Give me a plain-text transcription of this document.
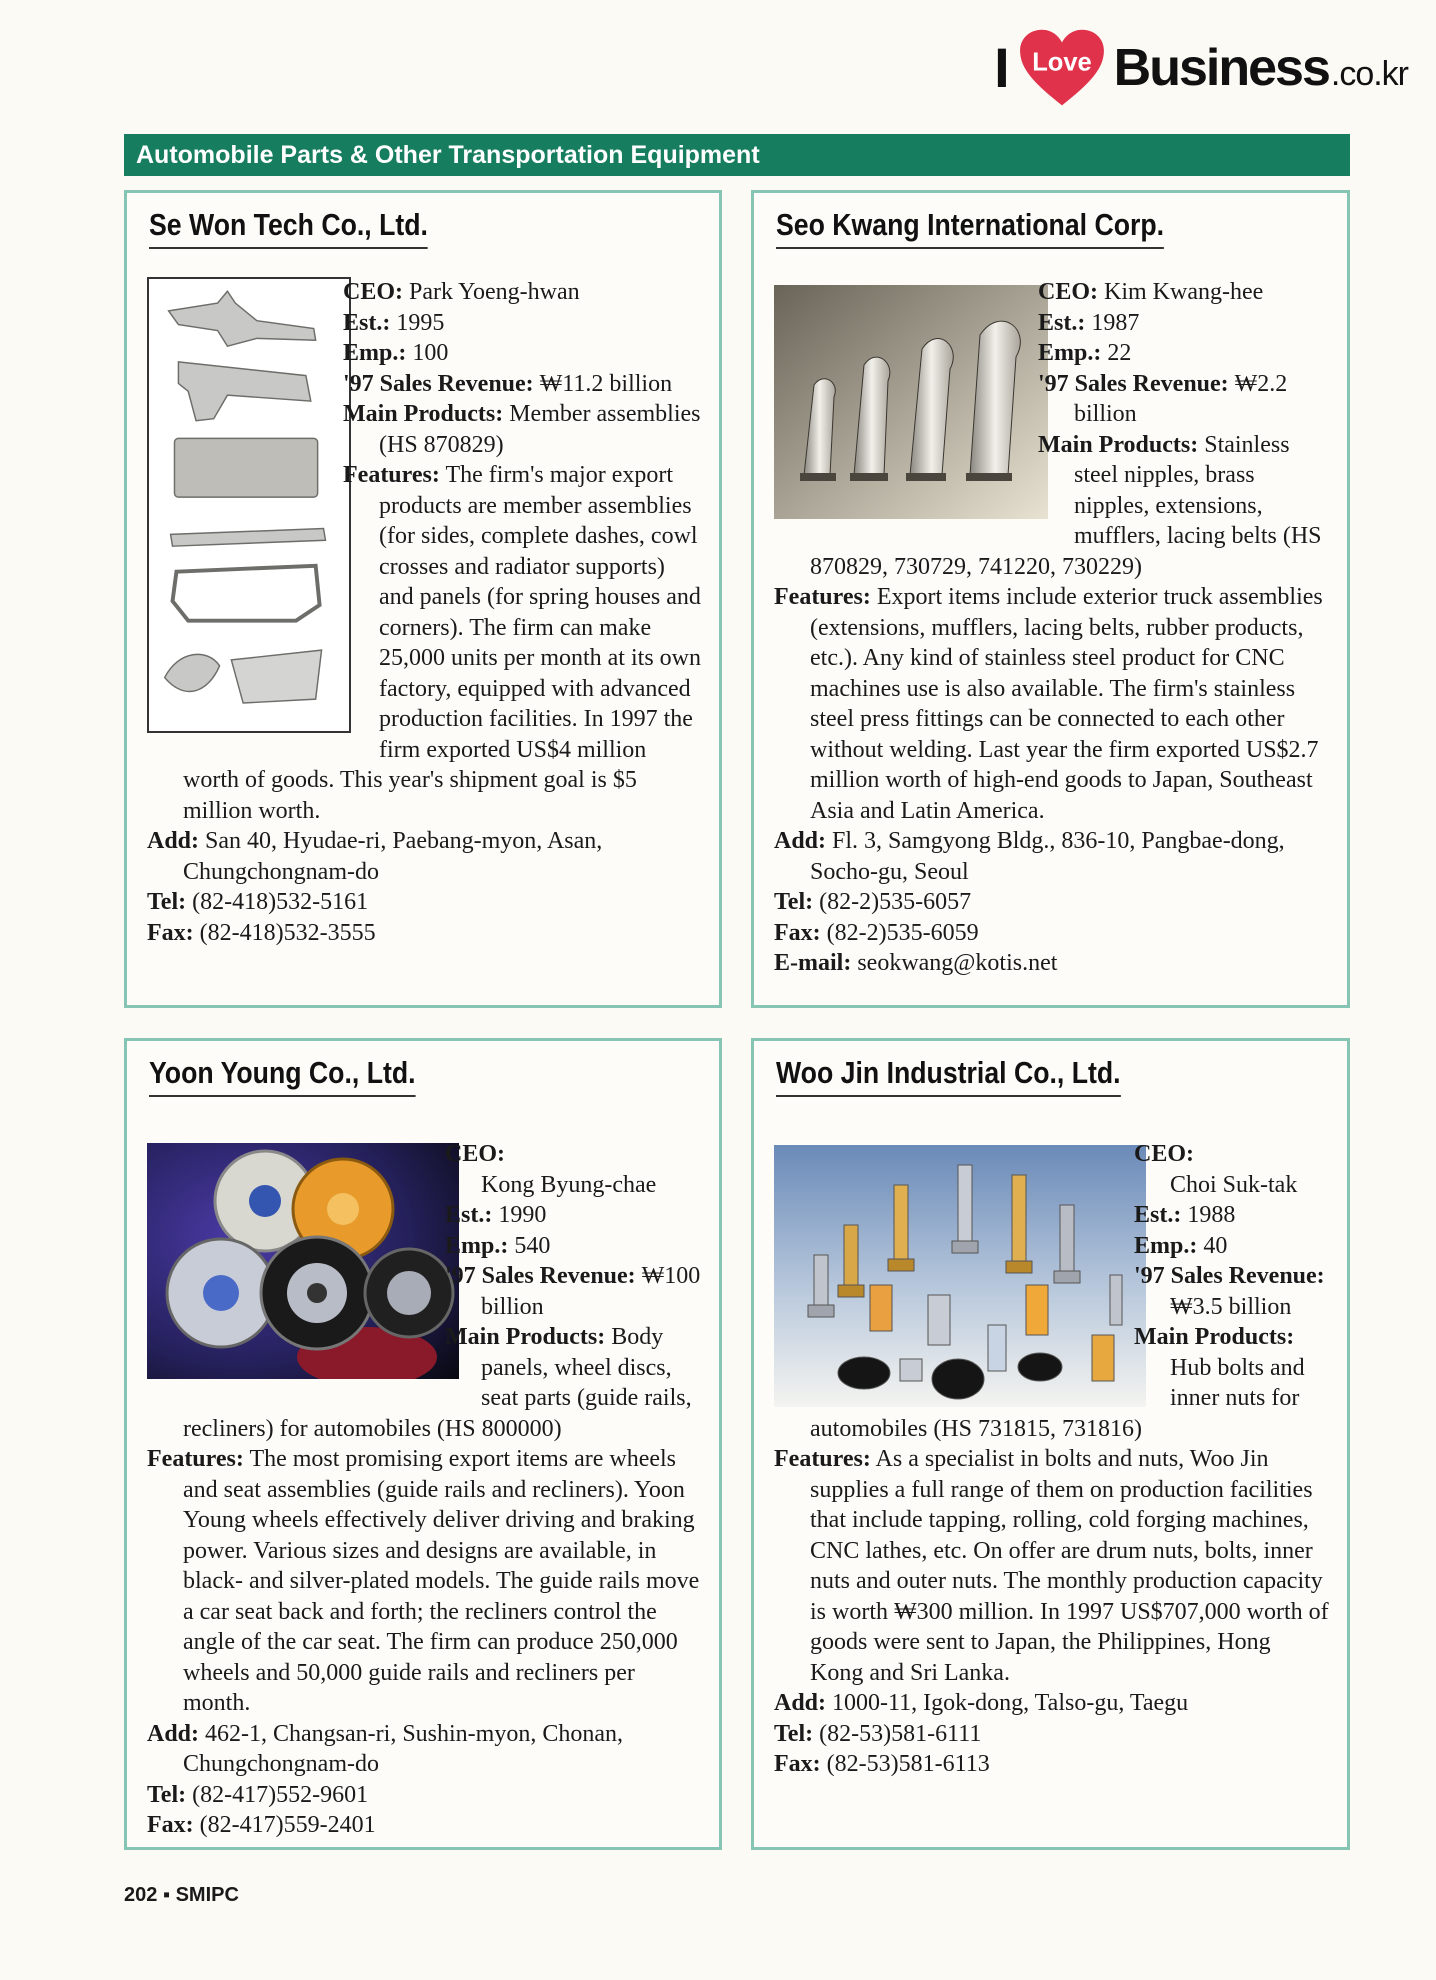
I Love Business .co.kr
Automobile Parts & Other Transportation Equipment
Se Won Tech Co., Ltd.

CEO: Park Yoeng-hwan

Est.: 1995

Emp.: 100

'97 Sales Revenue: ₩11.2 billion

Main Products: Member assemblies (HS 870829)

Features: The firm's major export products are member assemblies (for sides, complete dashes, cowl crosses and radiator supports) and panels (for spring houses and corners). The firm can make 25,000 units per month at its own factory, equipped with advanced production facilities. In 1997 the firm exported US$4 million worth of goods. This year's shipment goal is $5 million worth.

Add: San 40, Hyudae-ri, Paebang-myon, Asan, Chungchongnam-do

Tel: (82-418)532-5161

Fax: (82-418)532-3555

Seo Kwang International Corp.

CEO: Kim Kwang-hee

Est.: 1987

Emp.: 22

'97 Sales Revenue: ₩2.2 billion

Main Products: Stainless steel nipples, brass nipples, extensions, mufflers, lacing belts (HS 870829, 730729, 741220, 730229)

Features: Export items include exterior truck assemblies (extensions, mufflers, lacing belts, rubber products, etc.). Any kind of stainless steel product for CNC machines use is also available. The firm's stainless steel press fittings can be connected to each other without welding. Last year the firm exported US$2.7 million worth of high-end goods to Japan, Southeast Asia and Latin America.

Add: Fl. 3, Samgyong Bldg., 836-10, Pangbae-dong, Socho-gu, Seoul

Tel: (82-2)535-6057

Fax: (82-2)535-6059

E-mail: seokwang@kotis.net

Yoon Young Co., Ltd.

CEO:

Kong Byung-chae

Est.: 1990

Emp.: 540

'97 Sales Revenue: ₩100 billion

Main Products: Body panels, wheel discs, seat parts (guide rails, recliners) for automobiles (HS 800000)

Features: The most promising export items are wheels and seat assemblies (guide rails and recliners). Yoon Young wheels effectively deliver driving and braking power. Various sizes and designs are available, in black- and silver-plated models. The guide rails move a car seat back and forth; the recliners control the angle of the car seat. The firm can produce 250,000 wheels and 50,000 guide rails and recliners per month.

Add: 462-1, Changsan-ri, Sushin-myon, Chonan, Chungchongnam-do

Tel: (82-417)552-9601

Fax: (82-417)559-2401

Woo Jin Industrial Co., Ltd.

CEO:

Choi Suk-tak

Est.: 1988

Emp.: 40

'97 Sales Revenue: ₩3.5 billion

Main Products: Hub bolts and inner nuts for automobiles (HS 731815, 731816)

Features: As a specialist in bolts and nuts, Woo Jin supplies a full range of them on production facilities that include tapping, rolling, cold forging machines, CNC lathes, etc. On offer are drum nuts, bolts, inner nuts and outer nuts. The monthly production capacity is worth ₩300 million. In 1997 US$707,000 worth of goods were sent to Japan, the Philippines, Hong Kong and Sri Lanka.

Add: 1000-11, Igok-dong, Talso-gu, Taegu

Tel: (82-53)581-6111

Fax: (82-53)581-6113

202 ▪ SMIPC
